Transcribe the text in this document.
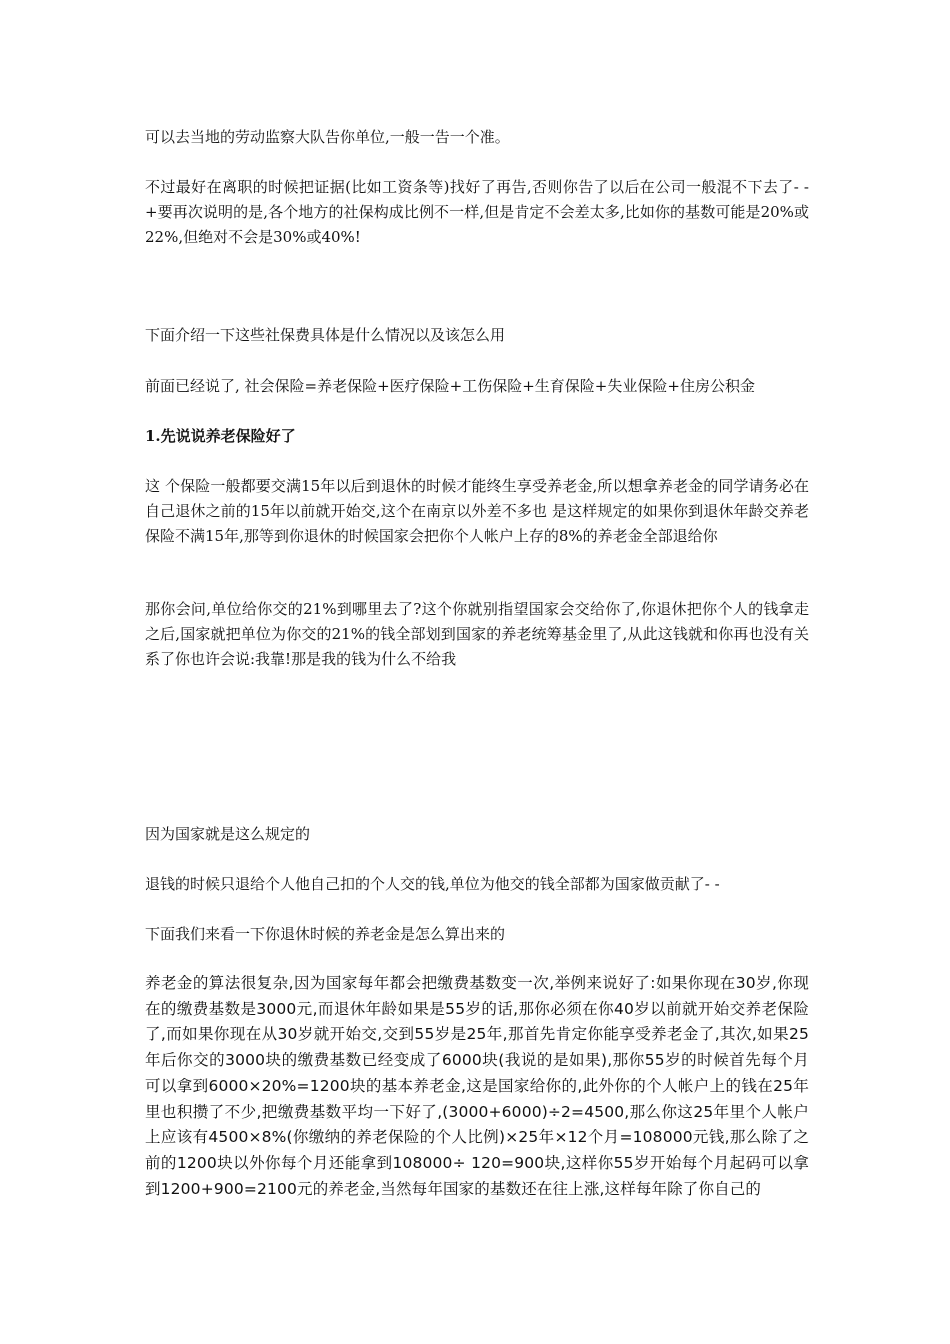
可以去当地的劳动监察大队告你单位,一般一告一个准。

不过最好在离职的时候把证据(比如工资条等)找好了再告,否则你告了以后在公司一般混不下去了- -+要再次说明的是,各个地方的社保构成比例不一样,但是肯定不会差太多,比如你的基数可能是20%或22%,但绝对不会是30%或40%!

下面介绍一下这些社保费具体是什么情况以及该怎么用

前面已经说了, 社会保险=养老保险+医疗保险+工伤保险+生育保险+失业保险+住房公积金

1.先说说养老保险好了

这 个保险一般都要交满15年以后到退休的时候才能终生享受养老金,所以想拿养老金的同学请务必在自己退休之前的15年以前就开始交,这个在南京以外差不多也 是这样规定的如果你到退休年龄交养老保险不满15年,那等到你退休的时候国家会把你个人帐户上存的8%的养老金全部退给你

那你会问,单位给你交的21%到哪里去了?这个你就别指望国家会交给你了,你退休把你个人的钱拿走之后,国家就把单位为你交的21%的钱全部划到国家的养老统筹基金里了,从此这钱就和你再也没有关系了你也许会说:我靠!那是我的钱为什么不给我

因为国家就是这么规定的

退钱的时候只退给个人他自己扣的个人交的钱,单位为他交的钱全部都为国家做贡献了- -

下面我们来看一下你退休时候的养老金是怎么算出来的

养老金的算法很复杂,因为国家每年都会把缴费基数变一次,举例来说好了:如果你现在30岁,你现在的缴费基数是3000元,而退休年龄如果是55岁的话,那你必须在你40岁以前就开始交养老保险了,而如果你现在从30岁就开始交,交到55岁是25年,那首先肯定你能享受养老金了,其次,如果25年后你交的3000块的缴费基数已经变成了6000块(我说的是如果),那你55岁的时候首先每个月可以拿到6000×20%=1200块的基本养老金,这是国家给你的,此外你的个人帐户上的钱在25年里也积攒了不少,把缴费基数平均一下好了,(3000+6000)÷2=4500,那么你这25年里个人帐户上应该有4500×8%(你缴纳的养老保险的个人比例)×25年×12个月=108000元钱,那么除了之前的1200块以外你每个月还能拿到108000÷ 120=900块,这样你55岁开始每个月起码可以拿到1200+900=2100元的养老金,当然每年国家的基数还在往上涨,这样每年除了你自己的
